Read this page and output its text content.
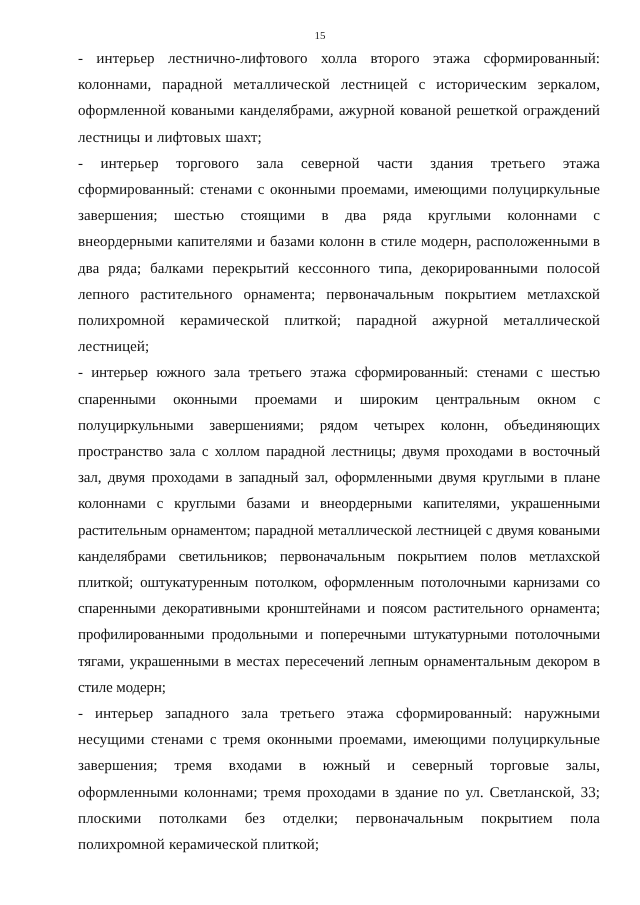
15

- интерьер лестнично-лифтового холла второго этажа сформированный: колоннами, парадной металлической лестницей с историческим зеркалом, оформленной коваными канделябрами, ажурной кованой решеткой ограждений лестницы и лифтовых шахт;

- интерьер торгового зала северной части здания третьего этажа сформированный: стенами с оконными проемами, имеющими полуциркульные завершения; шестью стоящими в два ряда круглыми колоннами с внеордерными капителями и базами колонн в стиле модерн, расположенными в два ряда; балками перекрытий кессонного типа, декорированными полосой лепного растительного орнамента; первоначальным покрытием метлахской полихромной керамической плиткой; парадной ажурной металлической лестницей;

- интерьер южного зала третьего этажа сформированный: стенами с шестью спаренными оконными проемами и широким центральным окном с полуциркульными завершениями; рядом четырех колонн, объединяющих пространство зала с холлом парадной лестницы; двумя проходами в восточный зал, двумя проходами в западный зал, оформленными двумя круглыми в плане колоннами с круглыми базами и внеордерными капителями, украшенными растительным орнаментом; парадной металлической лестницей с двумя коваными канделябрами светильников; первоначальным покрытием полов метлахской плиткой; оштукатуренным потолком, оформленным потолочными карнизами со спаренными декоративными кронштейнами и поясом растительного орнамента; профилированными продольными и поперечными штукатурными потолочными тягами, украшенными в местах пересечений лепным орнаментальным декором в стиле модерн;

- интерьер западного зала третьего этажа сформированный: наружными несущими стенами с тремя оконными проемами, имеющими полуциркульные завершения; тремя входами в южный и северный торговые залы, оформленными колоннами; тремя проходами в здание по ул. Светланской, 33; плоскими потолками без отделки; первоначальным покрытием пола полихромной керамической плиткой;
